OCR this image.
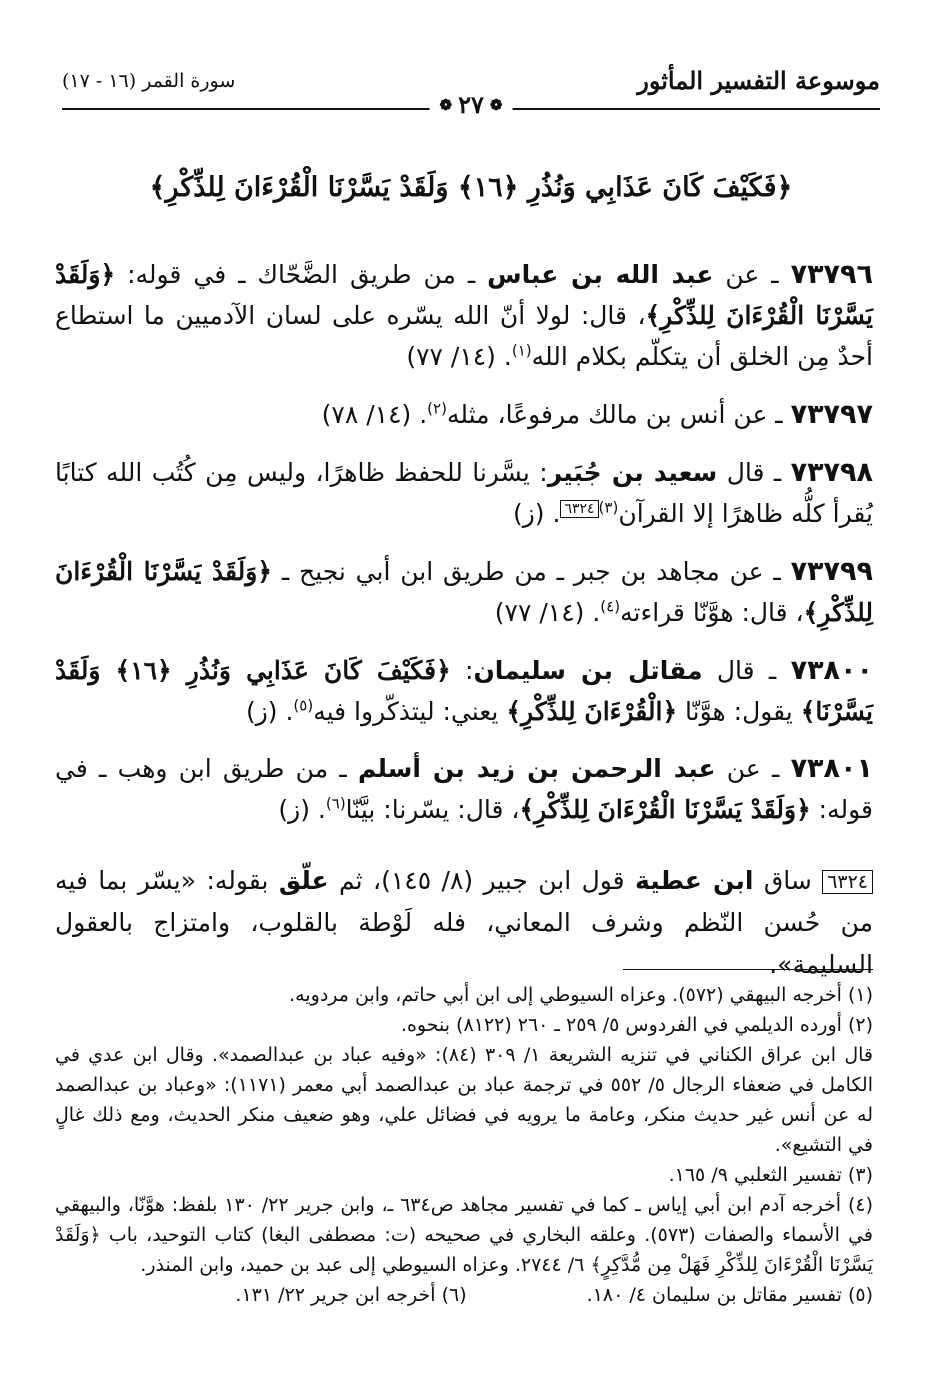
موسوعة التفسير المأثور
سورة القمر (١٦ - ١٧)
❁
٢٧
❁
﴿فَكَيْفَ كَانَ عَذَابِي وَنُذُرِ ﴿١٦﴾ وَلَقَدْ يَسَّرْنَا الْقُرْءَانَ لِلذِّكْرِ﴾
٧٣٧٩٦ ـ عن عبد الله بن عباس ـ من طريق الضَّحّاك ـ في قوله: ﴿وَلَقَدْ يَسَّرْنَا الْقُرْءَانَ لِلذِّكْرِ﴾، قال: لولا أنّ الله يسّره على لسان الآدميين ما استطاع أحدٌ مِن الخلق أن يتكلّم بكلام الله$^{(١)}$. (١٤/ ٧٧)
٧٣٧٩٧ ـ عن أنس بن مالك مرفوعًا، مثله$^{(٢)}$. (١٤/ ٧٨)
٧٣٧٩٨ ـ قال سعيد بن جُبَير: يسَّرنا للحفظ ظاهرًا، وليس مِن كُتُب الله كتابًا يُقرأ كلُّه ظاهرًا إلا القرآن$^{(٣)}$٦٣٢٤. (ز)
٧٣٧٩٩ ـ عن مجاهد بن جبر ـ من طريق ابن أبي نجيح ـ ﴿وَلَقَدْ يَسَّرْنَا الْقُرْءَانَ لِلذِّكْرِ﴾، قال: هوَّنّا قراءته$^{(٤)}$. (١٤/ ٧٧)
٧٣٨٠٠ ـ قال مقاتل بن سليمان: ﴿فَكَيْفَ كَانَ عَذَابِي وَنُذُرِ ﴿١٦﴾ وَلَقَدْ يَسَّرْنَا﴾ يقول: هوَّنّا ﴿الْقُرْءَانَ لِلذِّكْرِ﴾ يعني: ليتذكّروا فيه$^{(٥)}$. (ز)
٧٣٨٠١ ـ عن عبد الرحمن بن زيد بن أسلم ـ من طريق ابن وهب ـ في قوله: ﴿وَلَقَدْ يَسَّرْنَا الْقُرْءَانَ لِلذِّكْرِ﴾، قال: يسّرنا: بيَّنّا$^{(٦)}$. (ز)
٦٣٢٤ ساق ابن عطية قول ابن جبير (٨/ ١٤٥)، ثم علّق بقوله: «يسّر بما فيه من حُسن النّظم وشرف المعاني، فله لَوْطة بالقلوب، وامتزاج بالعقول السليمة».

(١) أخرجه البيهقي (٥٧٢). وعزاه السيوطي إلى ابن أبي حاتم، وابن مردويه.

(٢) أورده الديلمي في الفردوس ٥/ ٢٥٩ ـ ٢٦٠ (٨١٢٢) بنحوه.

قال ابن عراق الكناني في تنزيه الشريعة ١/ ٣٠٩ (٨٤): «وفيه عباد بن عبدالصمد». وقال ابن عدي في الكامل في ضعفاء الرجال ٥/ ٥٥٢ في ترجمة عباد بن عبدالصمد أبي معمر (١١٧١): «وعباد بن عبدالصمد له عن أنس غير حديث منكر، وعامة ما يرويه في فضائل علي، وهو ضعيف منكر الحديث، ومع ذلك غالٍ في التشيع».

(٣) تفسير الثعلبي ٩/ ١٦٥.

(٤) أخرجه آدم ابن أبي إياس ـ كما في تفسير مجاهد ص٦٣٤ ـ، وابن جرير ٢٢/ ١٣٠ بلفظ: هوَّنّا، والبيهقي في الأسماء والصفات (٥٧٣). وعلقه البخاري في صحيحه (ت: مصطفى البغا) كتاب التوحيد، باب ﴿وَلَقَدْ يَسَّرْنَا الْقُرْءَانَ لِلذِّكْرِ فَهَلْ مِن مُّدَّكِرٍ﴾ ٦/ ٢٧٤٤. وعزاه السيوطي إلى عبد بن حميد، وابن المنذر.

(٥) تفسير مقاتل بن سليمان ٤/ ١٨٠.
(٦) أخرجه ابن جرير ٢٢/ ١٣١.
